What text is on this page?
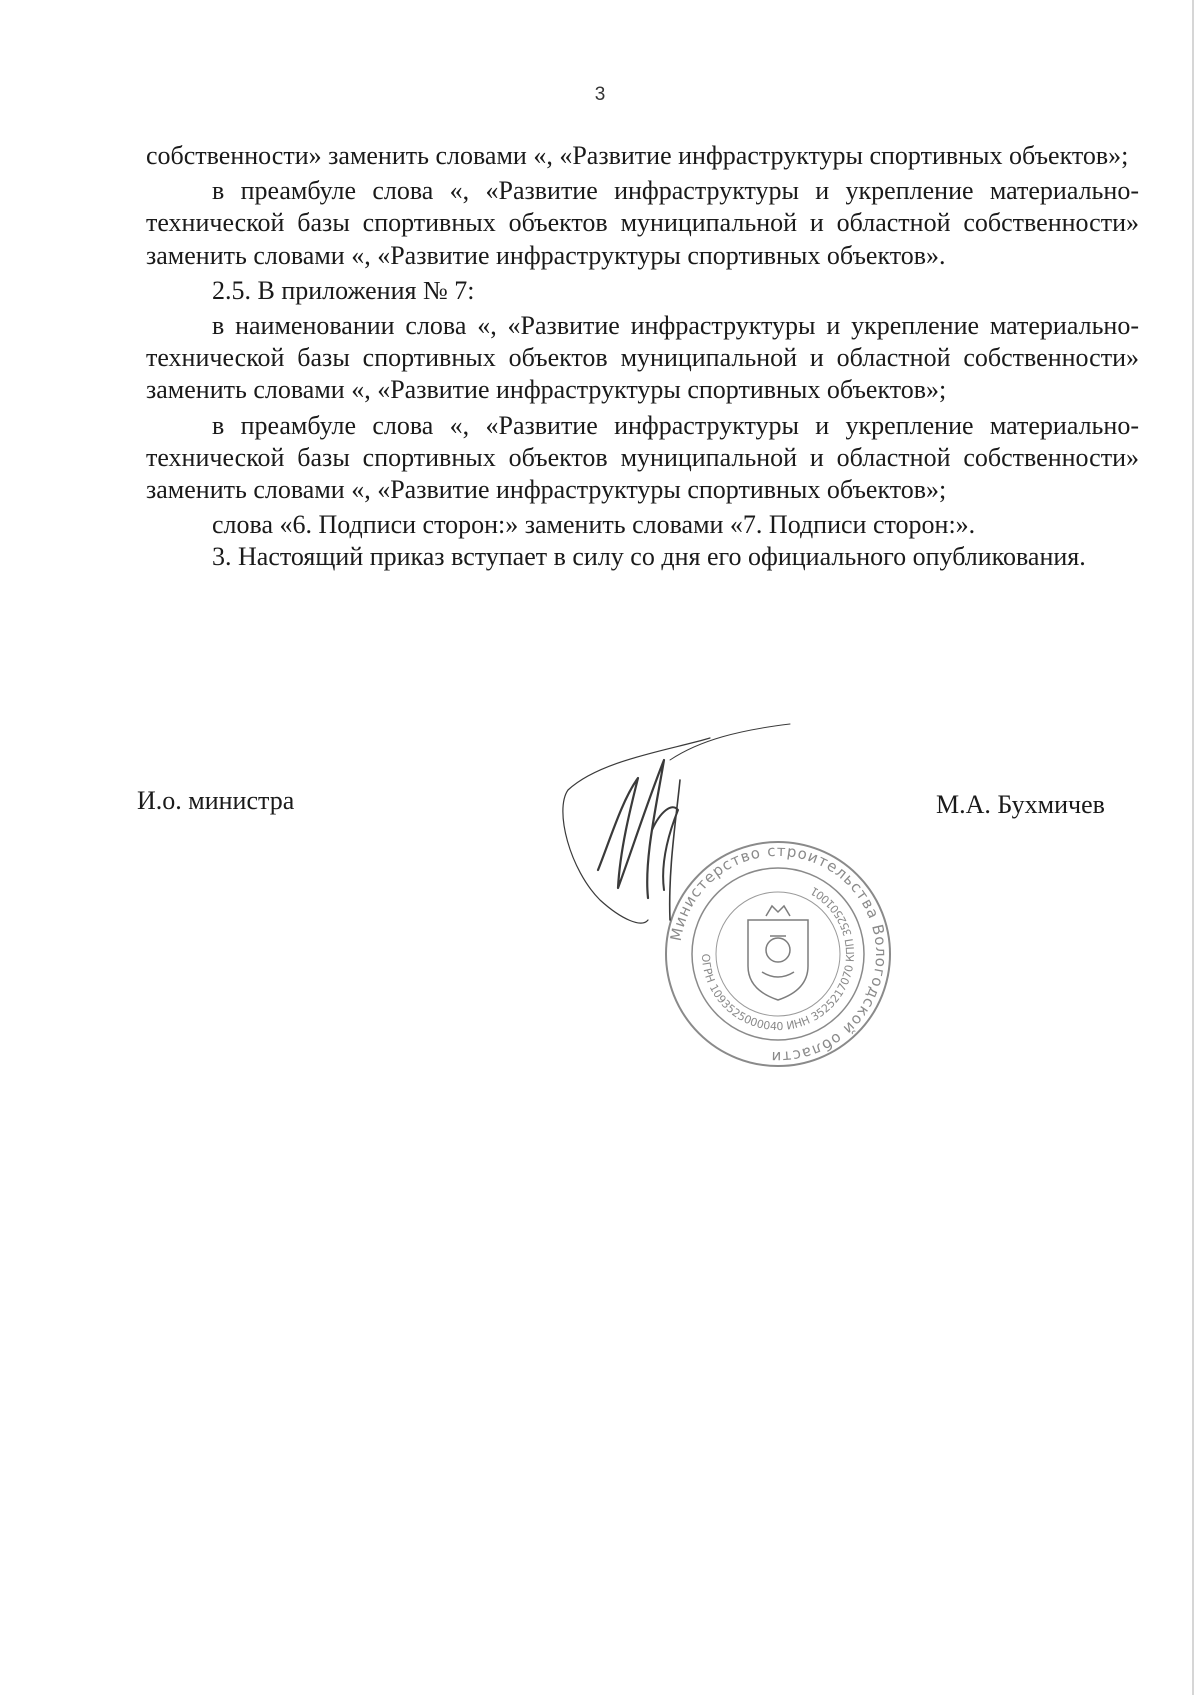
3

собственности» заменить словами «, «Развитие инфраструктуры спортивных объектов»;

в преамбуле слова «, «Развитие инфраструктуры и укрепление материально-технической базы спортивных объектов муниципальной и областной собственности» заменить словами «, «Развитие инфраструктуры спортивных объектов».

2.5. В приложения № 7:

в наименовании слова «, «Развитие инфраструктуры и укрепление материально-технической базы спортивных объектов муниципальной и областной собственности» заменить словами «, «Развитие инфраструктуры спортивных объектов»;

в преамбуле слова «, «Развитие инфраструктуры и укрепление материально-технической базы спортивных объектов муниципальной и областной собственности» заменить словами «, «Развитие инфраструктуры спортивных объектов»;

слова «6. Подписи сторон:» заменить словами «7. Подписи сторон:».

3. Настоящий приказ вступает в силу со дня его официального опубликования.

И.о. министра	М.А. Бухмичев
Министерство строительства Вологодской области
ОГРН 1093525000040 ИНН 3525217070 КПП 352501001
